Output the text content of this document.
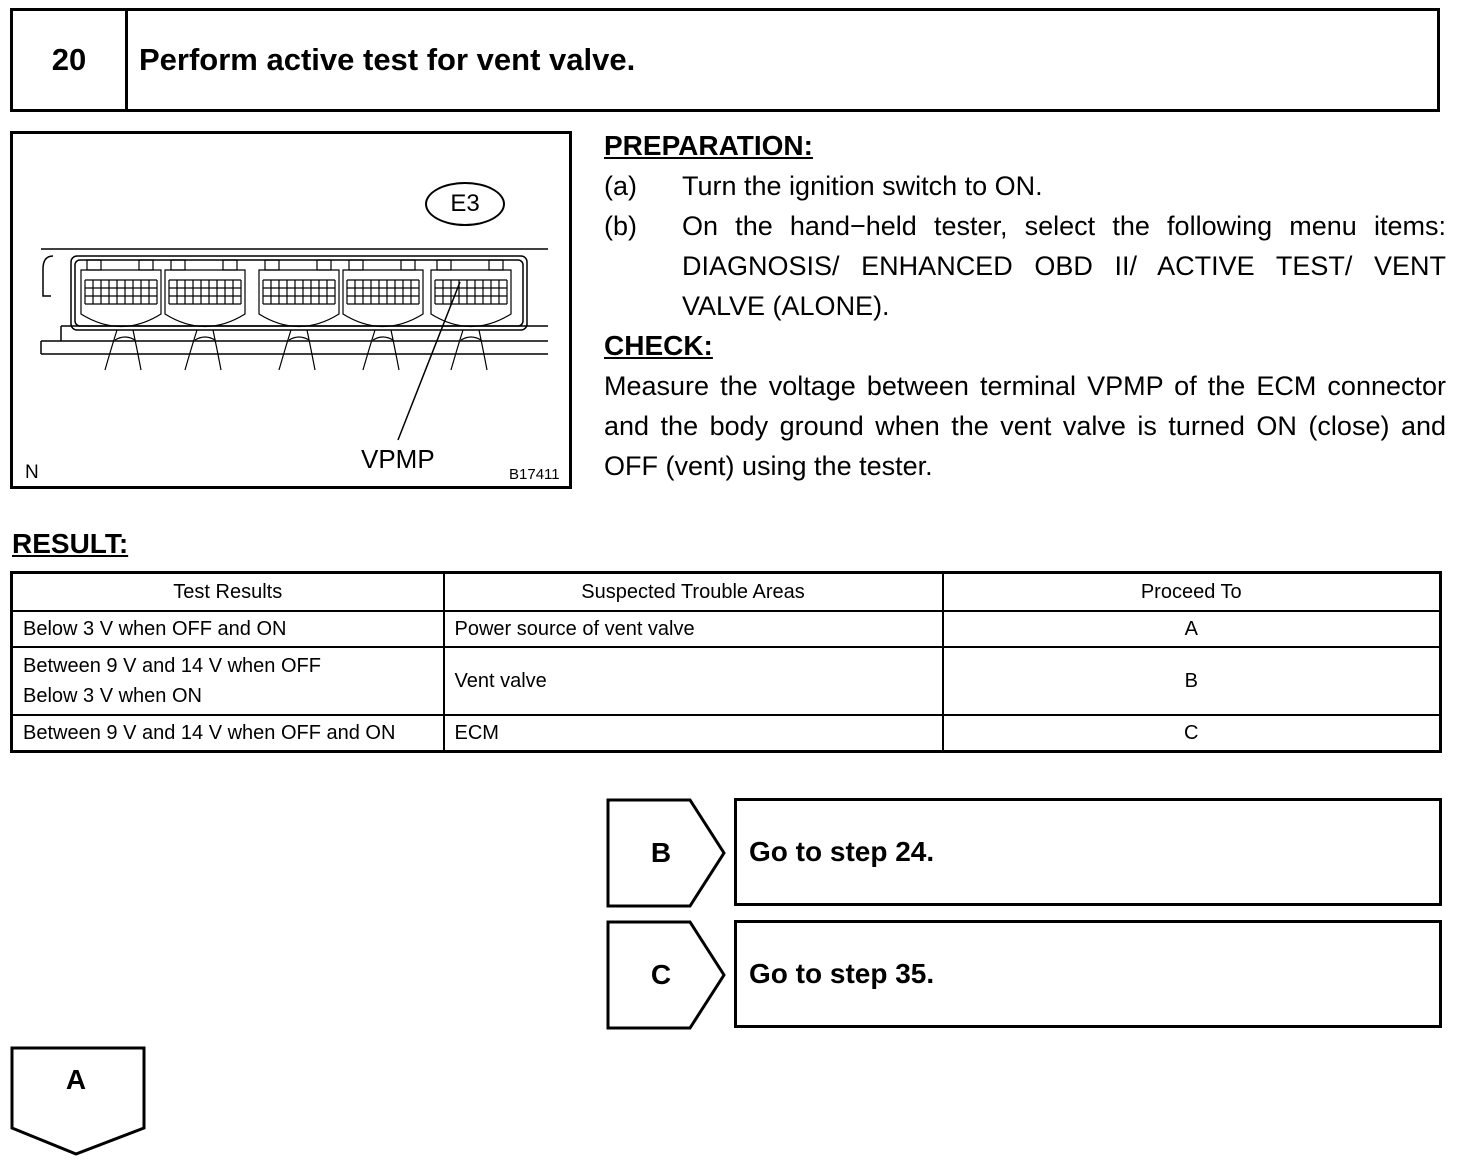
20	Perform active test for vent valve.
E3
VPMP
N	B17411
PREPARATION:
(a)	Turn the ignition switch to ON.
(b)	On the hand−held tester, select the following menu items: DIAGNOSIS/ ENHANCED OBD II/ ACTIVE TEST/ VENT VALVE (ALONE).
CHECK:
Measure the voltage between terminal VPMP of the ECM connector and the body ground when the vent valve is turned ON (close) and OFF (vent) using the tester.
RESULT:
Test Results	Suspected Trouble Areas	Proceed To
Below 3 V when OFF and ON	Power source of vent valve	A

Between 9 V and 14 V when OFF
Below 3 V when ON	Vent valve	B
Between 9 V and 14 V when OFF and ON	ECM	C
B	Go to step 24.
C	Go to step 35.
A
